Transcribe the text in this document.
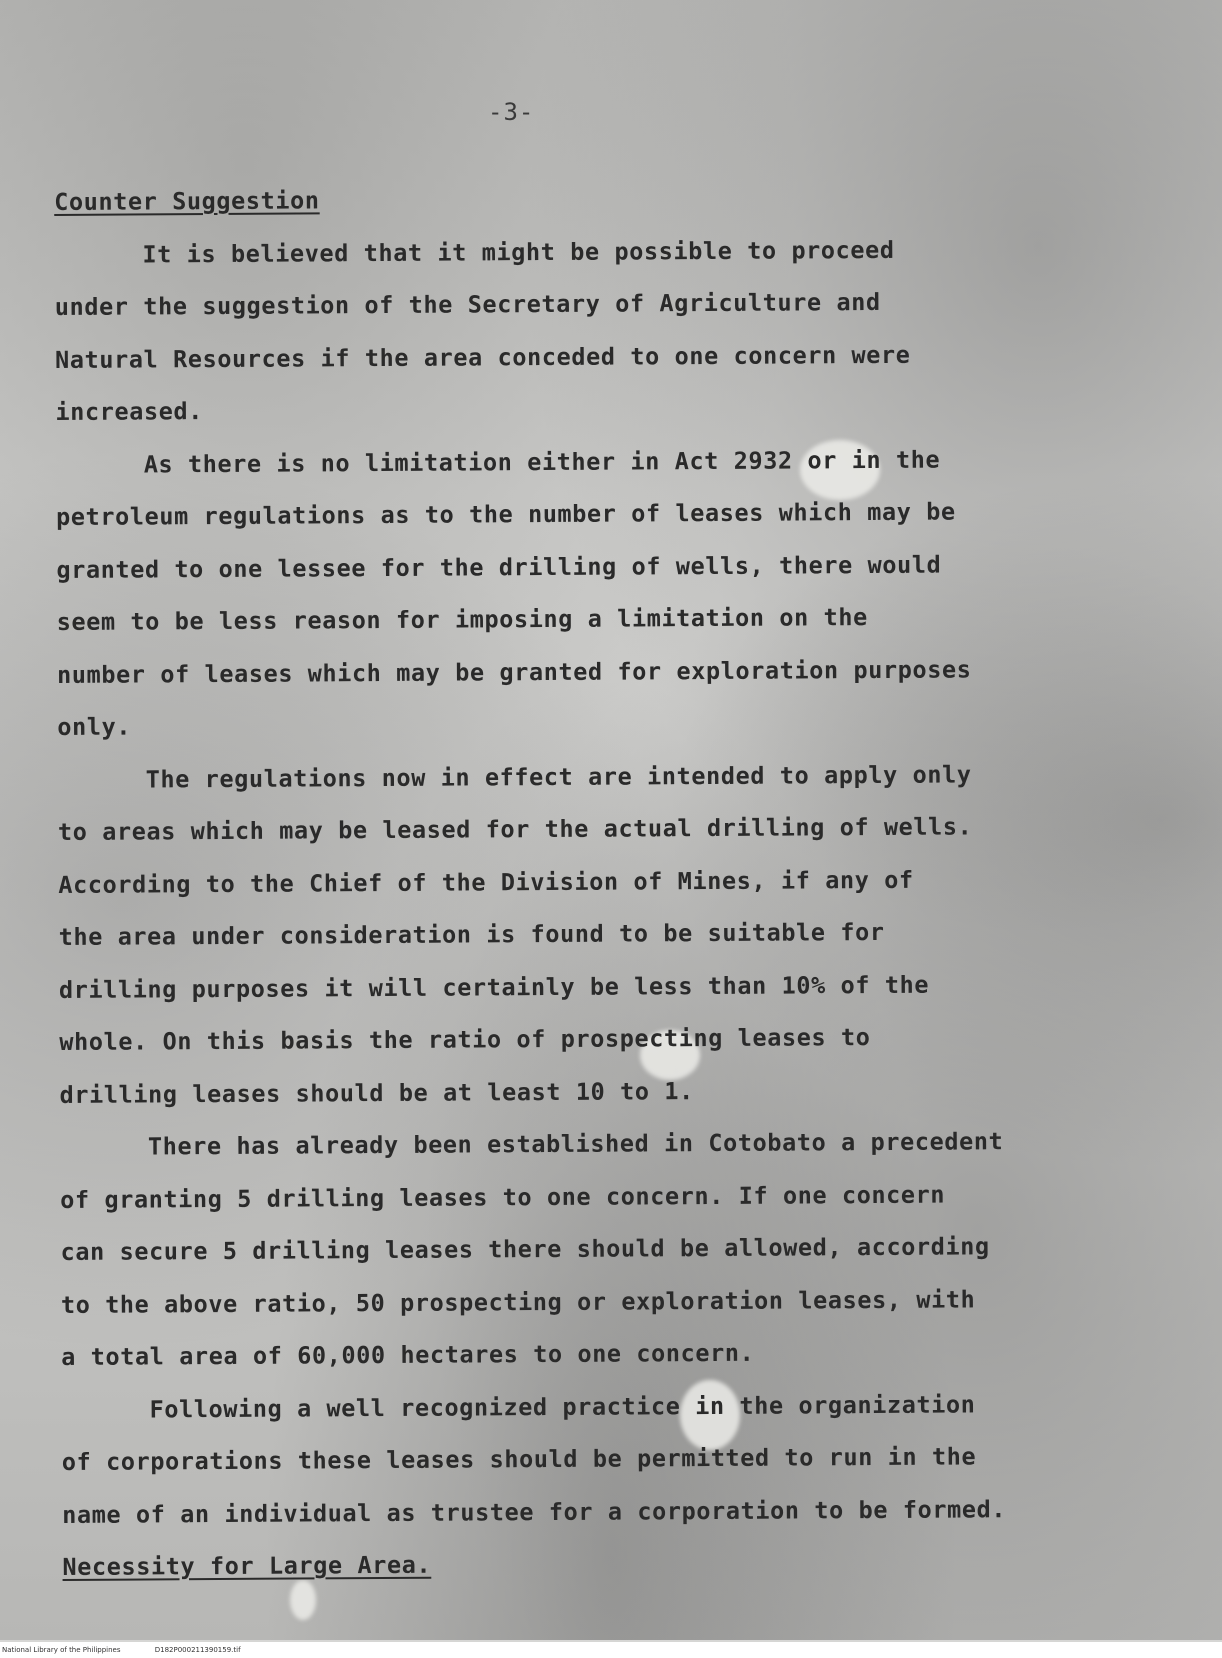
-3-
Counter Suggestion
It is believed that it might be possible to proceed
under the suggestion of the Secretary of Agriculture and
Natural Resources if the area conceded to one concern were
increased.
As there is no limitation either in Act 2932 or in the
petroleum regulations as to the number of leases which may be
granted to one lessee for the drilling of wells, there would
seem to be less reason for imposing a limitation on the
number of leases which may be granted for exploration purposes
only.
The regulations now in effect are intended to apply only
to areas which may be leased for the actual drilling of wells.
According to the Chief of the Division of Mines, if any of
the area under consideration is found to be suitable for
drilling purposes it will certainly be less than 10% of the
whole. On this basis the ratio of prospecting leases to
drilling leases should be at least 10 to 1.
There has already been established in Cotobato a precedent
of granting 5 drilling leases to one concern. If one concern
can secure 5 drilling leases there should be allowed, according
to the above ratio, 50 prospecting or exploration leases, with
a total area of 60,000 hectares to one concern.
Following a well recognized practice in the organization
of corporations these leases should be permitted to run in the
name of an individual as trustee for a corporation to be formed.
Necessity for Large Area.
National Library of the Philippines	D182P000211390159.tif
